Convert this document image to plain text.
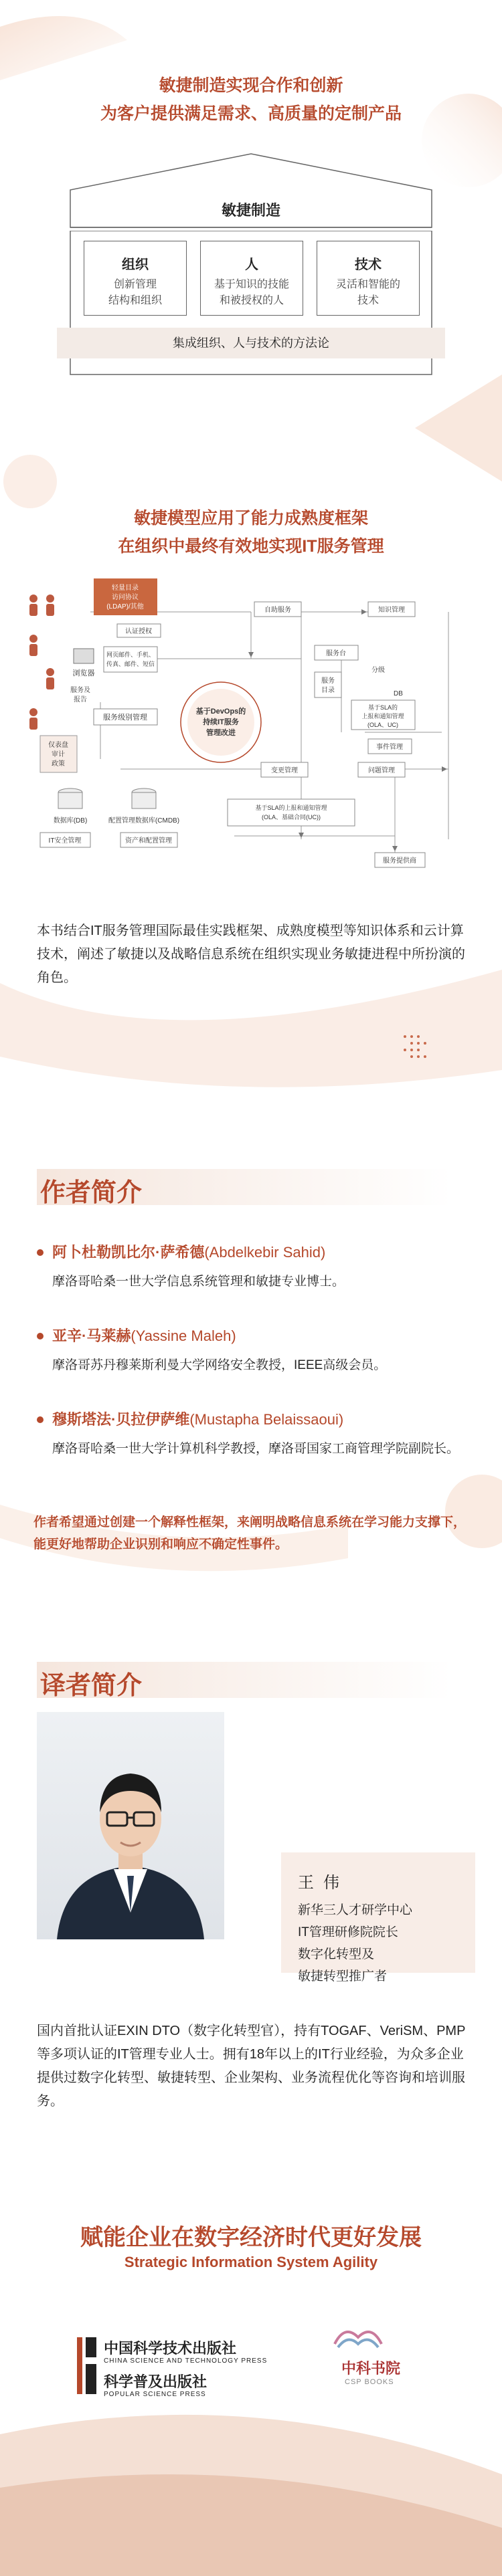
敏捷制造实现合作和创新
为客户提供满足需求、高质量的定制产品
敏捷制造
组织
创新管理
结构和组织
人
基于知识的技能
和被授权的人
技术
灵活和智能的
技术
集成组织、人与技术的方法论
敏捷模型应用了能力成熟度框架
在组织中最终有效地实现IT服务管理
轻量目录
访问协议
(LDAP)/其他
认证授权
浏览器
网页邮件、手机、
传真、邮件、短信
服务及
报告
服务级别管理
仅表盘
审计
政策
数据库(DB)	配置管理数据库(CMDB)
IT安全管理	资产和配置管理
基于DevOps的
持续IT服务
管理改进
自助服务	知识管理
服务台
分级
DB
服务
目录
基于SLA的
上报和通知管理
(OLA、UC)
事件管理
变更管理	问题管理
基于SLA的上报和通知管理
(OLA、基础合同(UC))
服务提供商
本书结合IT服务管理国际最佳实践框架、成熟度模型等知识体系和云计算技术，阐述了敏捷以及战略信息系统在组织实现业务敏捷进程中所扮演的角色。
作者简介
阿卜杜勒凯比尔·萨希德(Abdelkebir Sahid)
摩洛哥哈桑一世大学信息系统管理和敏捷专业博士。
亚辛·马莱赫(Yassine Maleh)
摩洛哥苏丹穆莱斯利曼大学网络安全教授，IEEE高级会员。
穆斯塔法·贝拉伊萨维(Mustapha Belaissaoui)
摩洛哥哈桑一世大学计算机科学教授，摩洛哥国家工商管理学院副院长。
作者希望通过创建一个解释性框架，来阐明战略信息系统在学习能力支撑下，能更好地帮助企业识别和响应不确定性事件。
译者简介
王伟
新华三人才研学中心
IT管理研修院院长
数字化转型及
敏捷转型推广者
国内首批认证EXIN DTO（数字化转型官），持有TOGAF、VeriSM、PMP等多项认证的IT管理专业人士。拥有18年以上的IT行业经验，为众多企业提供过数字化转型、敏捷转型、企业架构、业务流程优化等咨询和培训服务。
赋能企业在数字经济时代更好发展
Strategic Information System Agility
中国科学技术出版社
CHINA SCIENCE AND TECHNOLOGY PRESS
科学普及出版社
POPULAR SCIENCE PRESS
中科书院
CSP BOOKS
